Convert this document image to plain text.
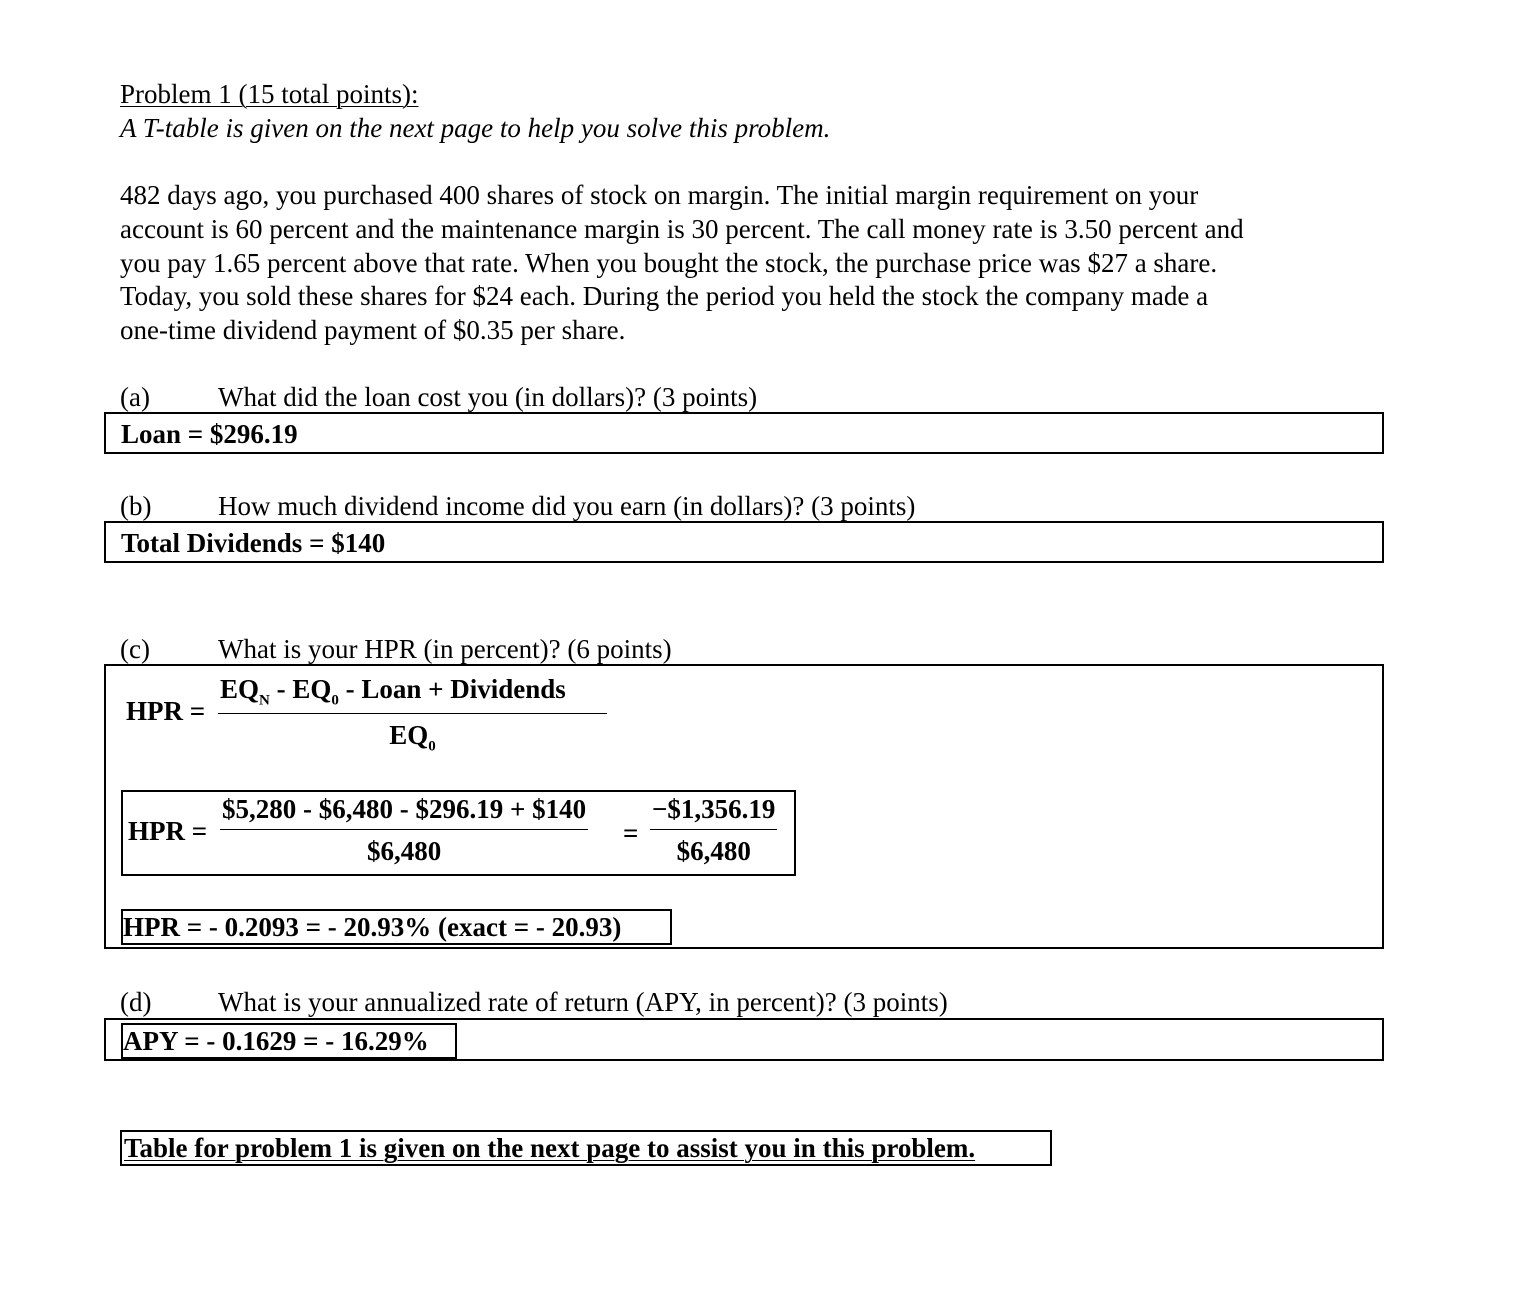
Problem 1 (15 total points):
A T-table is given on the next page to help you solve this problem.
482 days ago, you purchased 400 shares of stock on margin. The initial margin requirement on your
account is 60 percent and the maintenance margin is 30 percent. The call money rate is 3.50 percent and
you pay 1.65 percent above that rate. When you bought the stock, the purchase price was $27 a share.
Today, you sold these shares for $24 each. During the period you held the stock the company made a
one-time dividend payment of $0.35 per share.
(a)	What did the loan cost you (in dollars)? (3 points)
Loan = $296.19
(b) How much dividend income did you earn (in dollars)? (3 points)
Total Dividends = $140
(c)	What is your HPR (in percent)? (6 points)
HPR =
$EQ_N - EQ_0$ - Loan + Dividends
$EQ_0$
HPR = $\frac{\$5,280 - \$6,480 - \$296.19 + \$140}{\$6,480} = \frac{-\$1,356.19}{\$6,480}$
HPR = - 0.2093 = - 20.93% (exact = - 20.93)
(d) What is your annualized rate of return (APY, in percent)? (3 points)
APY = - 0.1629 = - 16.29%
Table for problem 1 is given on the next page to assist you in this problem.
